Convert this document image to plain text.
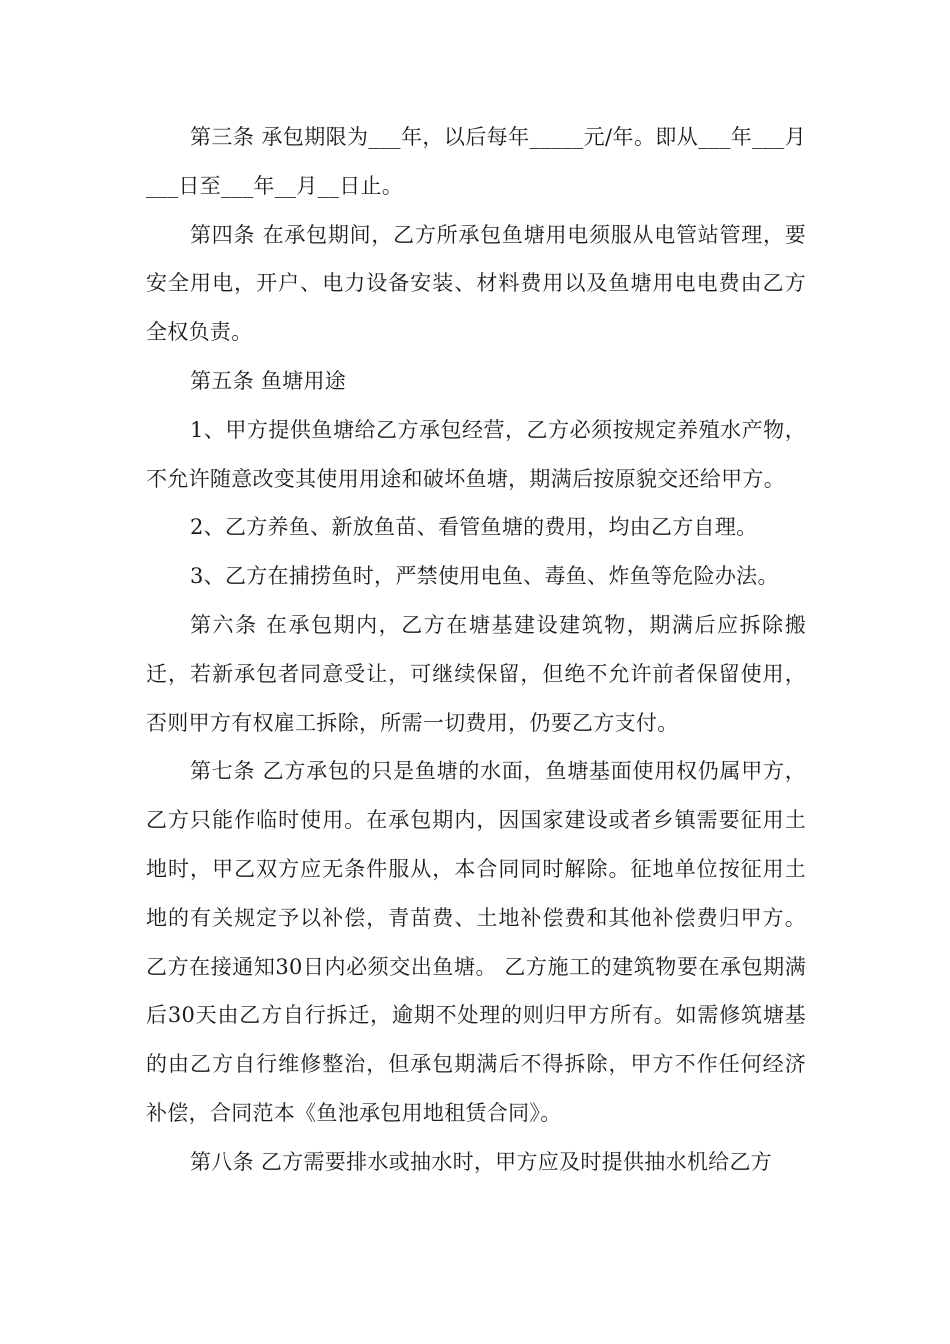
第三条 承包期限为___年，以后每年_____元/年。即从___年___月___日至___年__月__日止。

第四条 在承包期间，乙方所承包鱼塘用电须服从电管站管理，要安全用电，开户、电力设备安装、材料费用以及鱼塘用电电费由乙方全权负责。

第五条 鱼塘用途

1、甲方提供鱼塘给乙方承包经营，乙方必须按规定养殖水产物，不允许随意改变其使用用途和破坏鱼塘，期满后按原貌交还给甲方。

2、乙方养鱼、新放鱼苗、看管鱼塘的费用，均由乙方自理。

3、乙方在捕捞鱼时，严禁使用电鱼、毒鱼、炸鱼等危险办法。

第六条 在承包期内，乙方在塘基建设建筑物，期满后应拆除搬迁，若新承包者同意受让，可继续保留，但绝不允许前者保留使用，否则甲方有权雇工拆除，所需一切费用，仍要乙方支付。

第七条 乙方承包的只是鱼塘的水面，鱼塘基面使用权仍属甲方，乙方只能作临时使用。在承包期内，因国家建设或者乡镇需要征用土地时，甲乙双方应无条件服从，本合同同时解除。征地单位按征用土地的有关规定予以补偿，青苗费、土地补偿费和其他补偿费归甲方。乙方在接通知30日内必须交出鱼塘。 乙方施工的建筑物要在承包期满后30天由乙方自行拆迁，逾期不处理的则归甲方所有。如需修筑塘基的由乙方自行维修整治，但承包期满后不得拆除，甲方不作任何经济补偿，合同范本《鱼池承包用地租赁合同》。

第八条 乙方需要排水或抽水时，甲方应及时提供抽水机给乙方
